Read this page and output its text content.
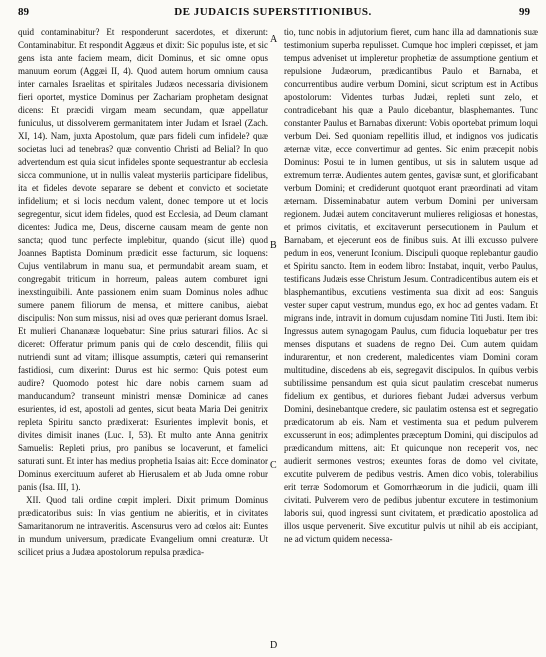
89	DE JUDAICIS SUPERSTITIONIBUS.	99

quid contaminabitur? Et responderunt sacerdotes, et dixerunt: Contaminabitur. Et respondit Aggæus et dixit: Sic populus iste, et sic gens ista ante faciem meam, dicit Dominus, et sic omne opus manuum eorum (Aggæi II, 4). Quod autem horum omnium causa inter carnales Israelitas et spiritales Judæos necessaria divisionem fieri oportet, mystice Dominus per Zachariam prophetam designat dicens: Et præcidi virgam meam secundam, quæ appellatur funiculus, ut dissolverem germanitatem inter Judam et Israel (Zach. XI, 14). Nam, juxta Apostolum, quæ pars fideli cum infidele? quæ societas luci ad tenebras? quæ conventio Christi ad Belial? In quo advertendum est quia sicut infideles sponte sequestrantur ab ecclesia sicca communione, ut in nullis valeat mysteriis participare fidelibus, ita et fideles devote separare se debent et convicto et societate infidelium; et si locis necdum valent, donec tempore ut et locis segregentur, sicut idem fideles, quod est Ecclesia, ad Deum clamant dicentes: Judica me, Deus, discerne causam meam de gente non sancta; quod tunc perfecte implebitur, quando (sicut ille) quod Joannes Baptista Dominum prædicit esse facturum, sic loquens: Cujus ventilabrum in manu sua, et permundabit aream suam, et congregabit triticum in horreum, paleas autem comburet igni inexstinguibili. Ante passionem enim suam Dominus noles adhuc sumere panem filiorum de mensa, et mittere canibus, aiebat discipulis: Non sum missus, nisi ad oves quæ perierant domus Israel. Et mulieri Chananææ loquebatur: Sine prius saturari filios. Ac si diceret: Offeratur primum panis qui de cœlo descendit, filiis qui nutriendi sunt ad vitam; illisque assumptis, cæteri qui remanserint fastidiosi, cum dixerint: Durus est hic sermo: Quis potest eum audire? Quomodo potest hic dare nobis carnem suam ad manducandum? transeunt ministri mensæ Dominicæ ad canes esurientes, id est, apostoli ad gentes, sicut beata Maria Dei genitrix repleta Spiritu sancto prædixerat: Esurientes implevit bonis, et divites dimisit inanes (Luc. I, 53). Et multo ante Anna genitrix Samuelis: Repleti prius, pro panibus se locaverunt, et famelici saturati sunt. Et inter has medius prophetia Isaias ait: Ecce dominator Dominus exercituum auferet ab Hierusalem et ab Juda omne robur panis (Isa. III, 1).

XII. Quod tali ordine cœpit impleri. Dixit primum Dominus prædicatoribus suis: In vias gentium ne abieritis, et in civitates Samaritanorum ne intraveritis. Ascensurus vero ad cœlos ait: Euntes in mundum universum, prædicate Evangelium omni creaturæ. Ut scilicet prius a Judæa apostolorum repulsa prædica-

A
B
C
D

tio, tunc nobis in adjutorium fieret, cum hanc illa ad damnationis suæ testimonium superba repulisset. Cumque hoc impleri cœpisset, et jam tempus adveniset ut impleretur prophetiæ de assumptione gentium et repulsione Judæorum, prædicantibus Paulo et Barnaba, et concurrentibus audire verbum Domini, sicut scriptum est in Actibus apostolorum: Videntes turbas Judæi, repleti sunt zelo, et contradicebant his quæ a Paulo dicebantur, blasphemantes. Tunc constanter Paulus et Barnabas dixerunt: Vobis oportebat primum loqui verbum Dei. Sed quoniam repellitis illud, et indignos vos judicatis æternæ vitæ, ecce convertimur ad gentes. Sic enim præcepit nobis Dominus: Posui te in lumen gentibus, ut sis in salutem usque ad extremum terræ. Audientes autem gentes, gavisæ sunt, et glorificabant verbum Domini; et crediderunt quotquot erant præordinati ad vitam æternam. Disseminabatur autem verbum Domini per universam regionem. Judæi autem concitaverunt mulieres religiosas et honestas, et primos civitatis, et excitaverunt persecutionem in Paulum et Barnabam, et ejecerunt eos de finibus suis. At illi excusso pulvere pedum in eos, venerunt Iconium. Discipuli quoque replebantur gaudio et Spiritu sancto. Item in eodem libro: Instabat, inquit, verbo Paulus, testificans Judæis esse Christum Jesum. Contradicentibus autem eis et blasphemantibus, excutiens vestimenta sua dixit ad eos: Sanguis vester super caput vestrum, mundus ego, ex hoc ad gentes vadam. Et migrans inde, intravit in domum cujusdam nomine Titi Justi. Item ibi: Ingressus autem synagogam Paulus, cum fiducia loquebatur per tres menses disputans et suadens de regno Dei. Cum autem quidam indurarentur, et non crederent, maledicentes viam Domini coram multitudine, discedens ab eis, segregavit discipulos. In quibus verbis subtilissime pensandum est quia sicut paulatim crescebat numerus fidelium ex gentibus, et duriores fiebant Judæi adversus verbum Domini, desinebantque credere, sic paulatim ostensa est et segregatio prædicatorum ab eis. Nam et vestimenta sua et pedum pulverem excusserunt in eos; adimplentes præceptum Domini, qui discipulos ad prædicandum mittens, ait: Et quicunque non receperit vos, nec audierit sermones vestros; exeuntes foras de domo vel civitate, excutite pulverem de pedibus vestris. Amen dico vobis, tolerabilius erit terræ Sodomorum et Gomorrhæorum in die judicii, quam illi civitati. Pulverem vero de pedibus jubentur excutere in testimonium laboris sui, quod ingressi sunt civitatem, et prædicatio apostolica ad illos usque pervenerit. Sive excutitur pulvis ut nihil ab eis accipiant, ne ad victum quidem necessa-
